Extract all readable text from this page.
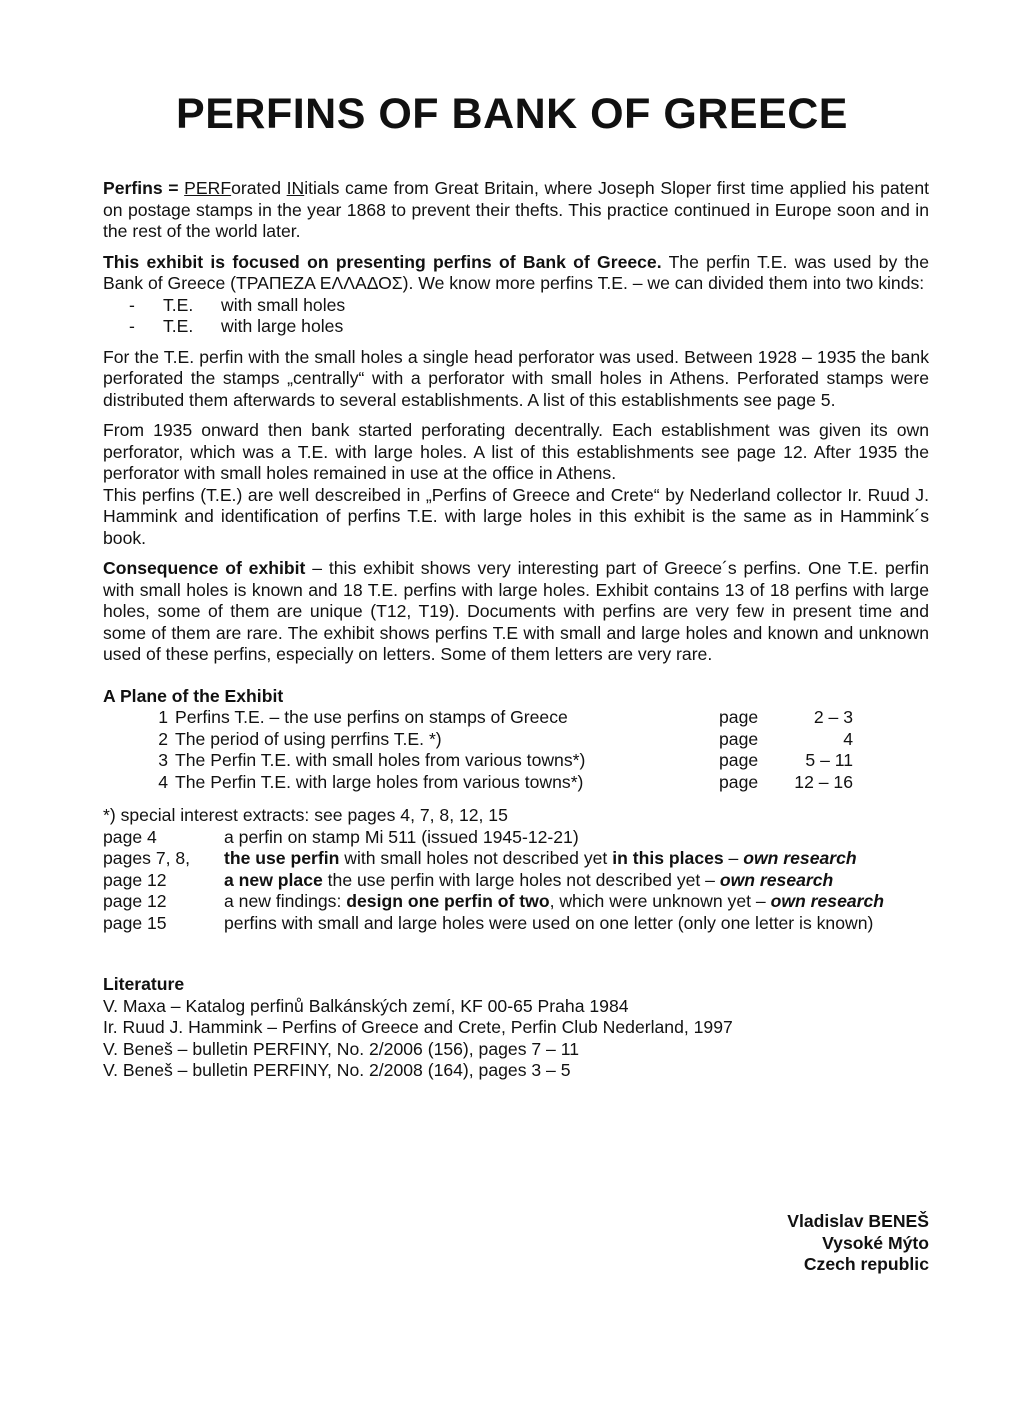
PERFINS OF BANK OF GREECE

Perfins = PERForated INitials came from Great Britain, where Joseph Sloper first time applied his patent on postage stamps in the year 1868 to prevent their thefts. This practice continued in Europe soon and in the rest of the world later.

This exhibit is focused on presenting perfins of Bank of Greece. The perfin T.E. was used by the Bank of Greece (ΤΡΑΠΕΖΑ ΕΛΛΑΔΟΣ). We know more perfins T.E. – we can divided them into two kinds:

-	T.E.	with small holes
-	T.E.	with large holes

For the T.E. perfin with the small holes a single head perforator was used. Between 1928 – 1935 the bank perforated the stamps „centrally“ with a perforator with small holes in Athens. Perforated stamps were distributed them afterwards to several establishments. A list of this establishments see page 5.

From 1935 onward then bank started perforating decentrally. Each establishment was given its own perforator, which was a T.E. with large holes. A list of this establishments see page 12. After 1935 the perforator with small holes remained in use at the office in Athens.

This perfins (T.E.) are well descreibed in „Perfins of Greece and Crete“ by Nederland collector Ir. Ruud J. Hammink and identification of perfins T.E. with large holes in this exhibit is the same as in Hammink´s book.

Consequence of exhibit – this exhibit shows very interesting part of Greece´s perfins. One T.E. perfin with small holes is known and 18 T.E. perfins with large holes. Exhibit contains 13 of 18 perfins with large holes, some of them are unique (T12, T19). Documents with perfins are very few in present time and some of them are rare. The exhibit shows perfins T.E with small and large holes and known and unknown used of these perfins, especially on letters. Some of them letters are very rare.

A Plane of the Exhibit
1 Perfins T.E. – the use perfins on stamps of Greece	page	2 – 3
2 The period of using perrfins T.E. *)	page	4
3 The Perfin T.E. with small holes from various towns*)	page	5 – 11
4 The Perfin T.E. with large holes from various towns*)	page	12 – 16
*) special interest extracts: see pages 4, 7, 8, 12, 15
page 4	a perfin on stamp Mi 511 (issued 1945-12-21)
pages 7, 8,	the use perfin with small holes not described yet in this places – own research
page 12	a new place the use perfin with large holes not described yet – own research
page 12	a new findings: design one perfin of two, which were unknown yet – own research
page 15	perfins with small and large holes were used on one letter (only one letter is known)
Literature
V. Maxa – Katalog perfinů Balkánských zemí, KF 00-65 Praha 1984
Ir. Ruud J. Hammink – Perfins of Greece and Crete, Perfin Club Nederland, 1997
V. Beneš – bulletin PERFINY, No. 2/2006 (156), pages 7 – 11
V. Beneš – bulletin PERFINY, No. 2/2008 (164), pages 3 – 5
Vladislav BENEŠ
Vysoké Mýto
Czech republic
